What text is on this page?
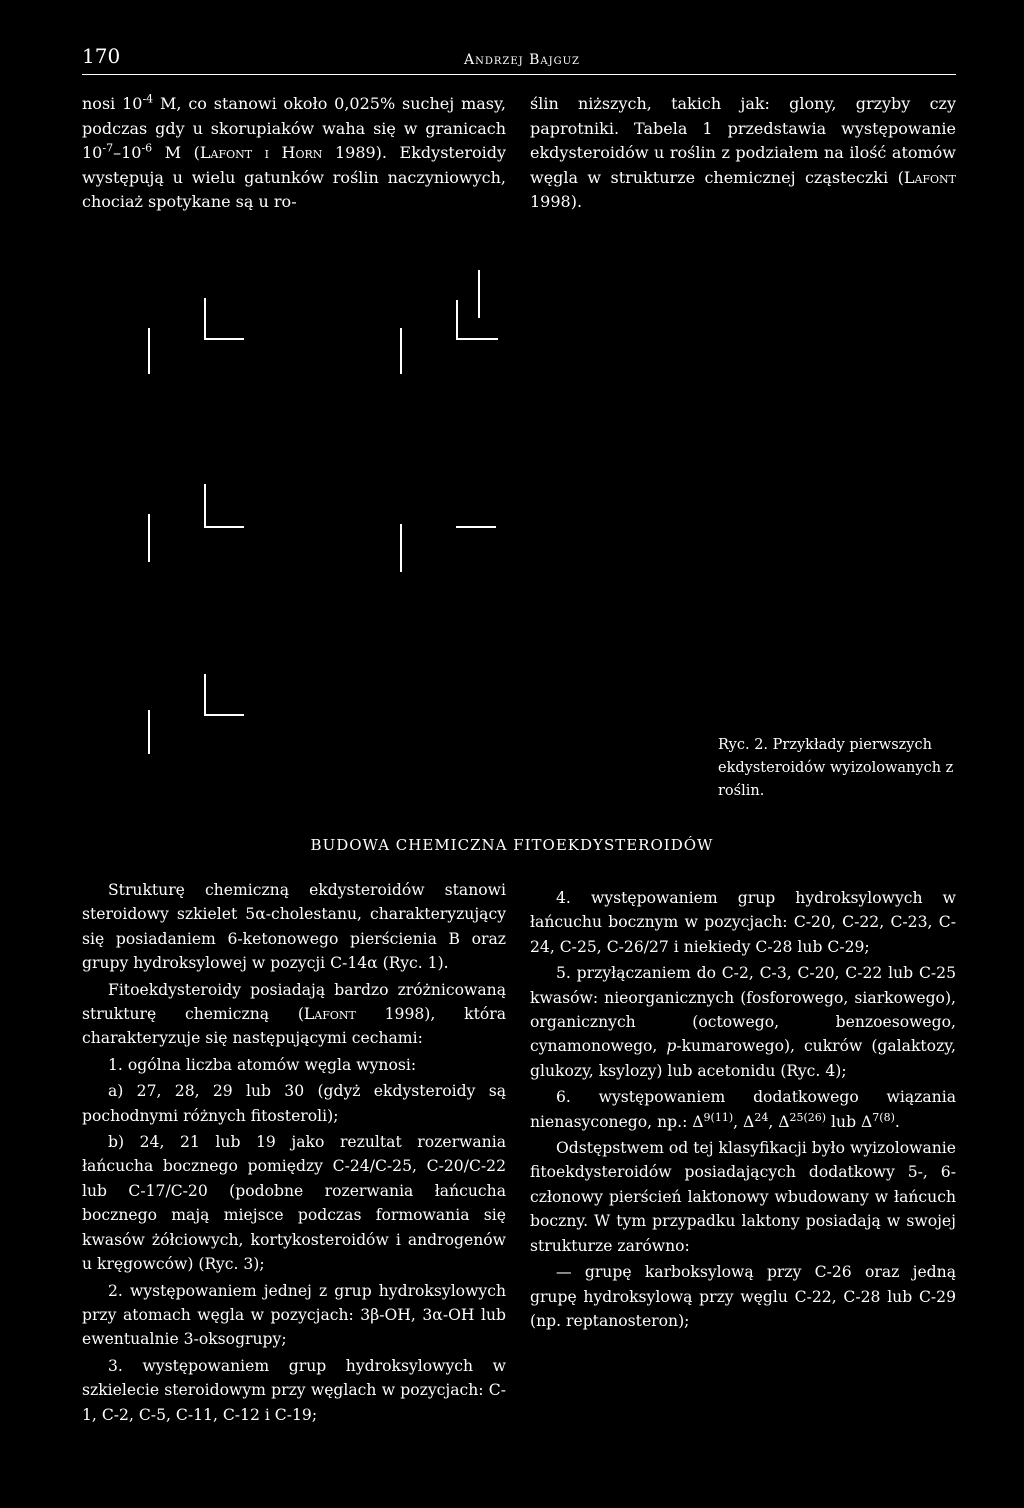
170	Andrzej Bajguz

nosi $10^{-4}$ M, co stanowi około 0,025% suchej masy, podczas gdy u skorupiaków waha się w granicach $10^{-7}-10^{-6}$ M (Lafont i Horn 1989). Ekdysteroidy występują u wielu gatunków roślin naczyniowych, chociaż spotykane są u ro-

ślin niższych, takich jak: glony, grzyby czy paprotniki. Tabela 1 przedstawia występowanie ekdysteroidów u roślin z podziałem na ilość atomów węgla w strukturze chemicznej cząsteczki (Lafont 1998).

Ryc. 2. Przykłady pierwszych ekdysteroidów wyizolowanych z roślin.
BUDOWA CHEMICZNA FITOEKDYSTEROIDÓW

Strukturę chemiczną ekdysteroidów stanowi steroidowy szkielet 5α-cholestanu, charakteryzujący się posiadaniem 6-ketonowego pierścienia B oraz grupy hydroksylowej w pozycji C-14α (Ryc. 1).

Fitoekdysteroidy posiadają bardzo zróżnicowaną strukturę chemiczną (Lafont 1998), która charakteryzuje się następującymi cechami:

1. ogólna liczba atomów węgla wynosi:

a) 27, 28, 29 lub 30 (gdyż ekdysteroidy są pochodnymi różnych fitosteroli);

b) 24, 21 lub 19 jako rezultat rozerwania łańcucha bocznego pomiędzy C-24/C-25, C-20/C-22 lub C-17/C-20 (podobne rozerwania łańcucha bocznego mają miejsce podczas formowania się kwasów żółciowych, kortykosteroidów i androgenów u kręgowców) (Ryc. 3);

2. występowaniem jednej z grup hydroksylowych przy atomach węgla w pozycjach: 3β-OH, 3α-OH lub ewentualnie 3-oksogrupy;

3. występowaniem grup hydroksylowych w szkielecie steroidowym przy węglach w pozycjach: C-1, C-2, C-5, C-11, C-12 i C-19;

4. występowaniem grup hydroksylowych w łańcuchu bocznym w pozycjach: C-20, C-22, C-23, C-24, C-25, C-26/27 i niekiedy C-28 lub C-29;

5. przyłączaniem do C-2, C-3, C-20, C-22 lub C-25 kwasów: nieorganicznych (fosforowego, siarkowego), organicznych (octowego, benzoesowego, cynamonowego, p-kumarowego), cukrów (galaktozy, glukozy, ksylozy) lub acetonidu (Ryc. 4);

6. występowaniem dodatkowego wiązania nienasyconego, np.: $\Delta^{9(11)}$, $\Delta^{24}$, $\Delta^{25(26)}$ lub $\Delta^{7(8)}$.

Odstępstwem od tej klasyfikacji było wyizolowanie fitoekdysteroidów posiadających dodatkowy 5-, 6-członowy pierścień laktonowy wbudowany w łańcuch boczny. W tym przypadku laktony posiadają w swojej strukturze zarówno:

— grupę karboksylową przy C-26 oraz jedną grupę hydroksylową przy węglu C-22, C-28 lub C-29 (np. reptanosteron);
